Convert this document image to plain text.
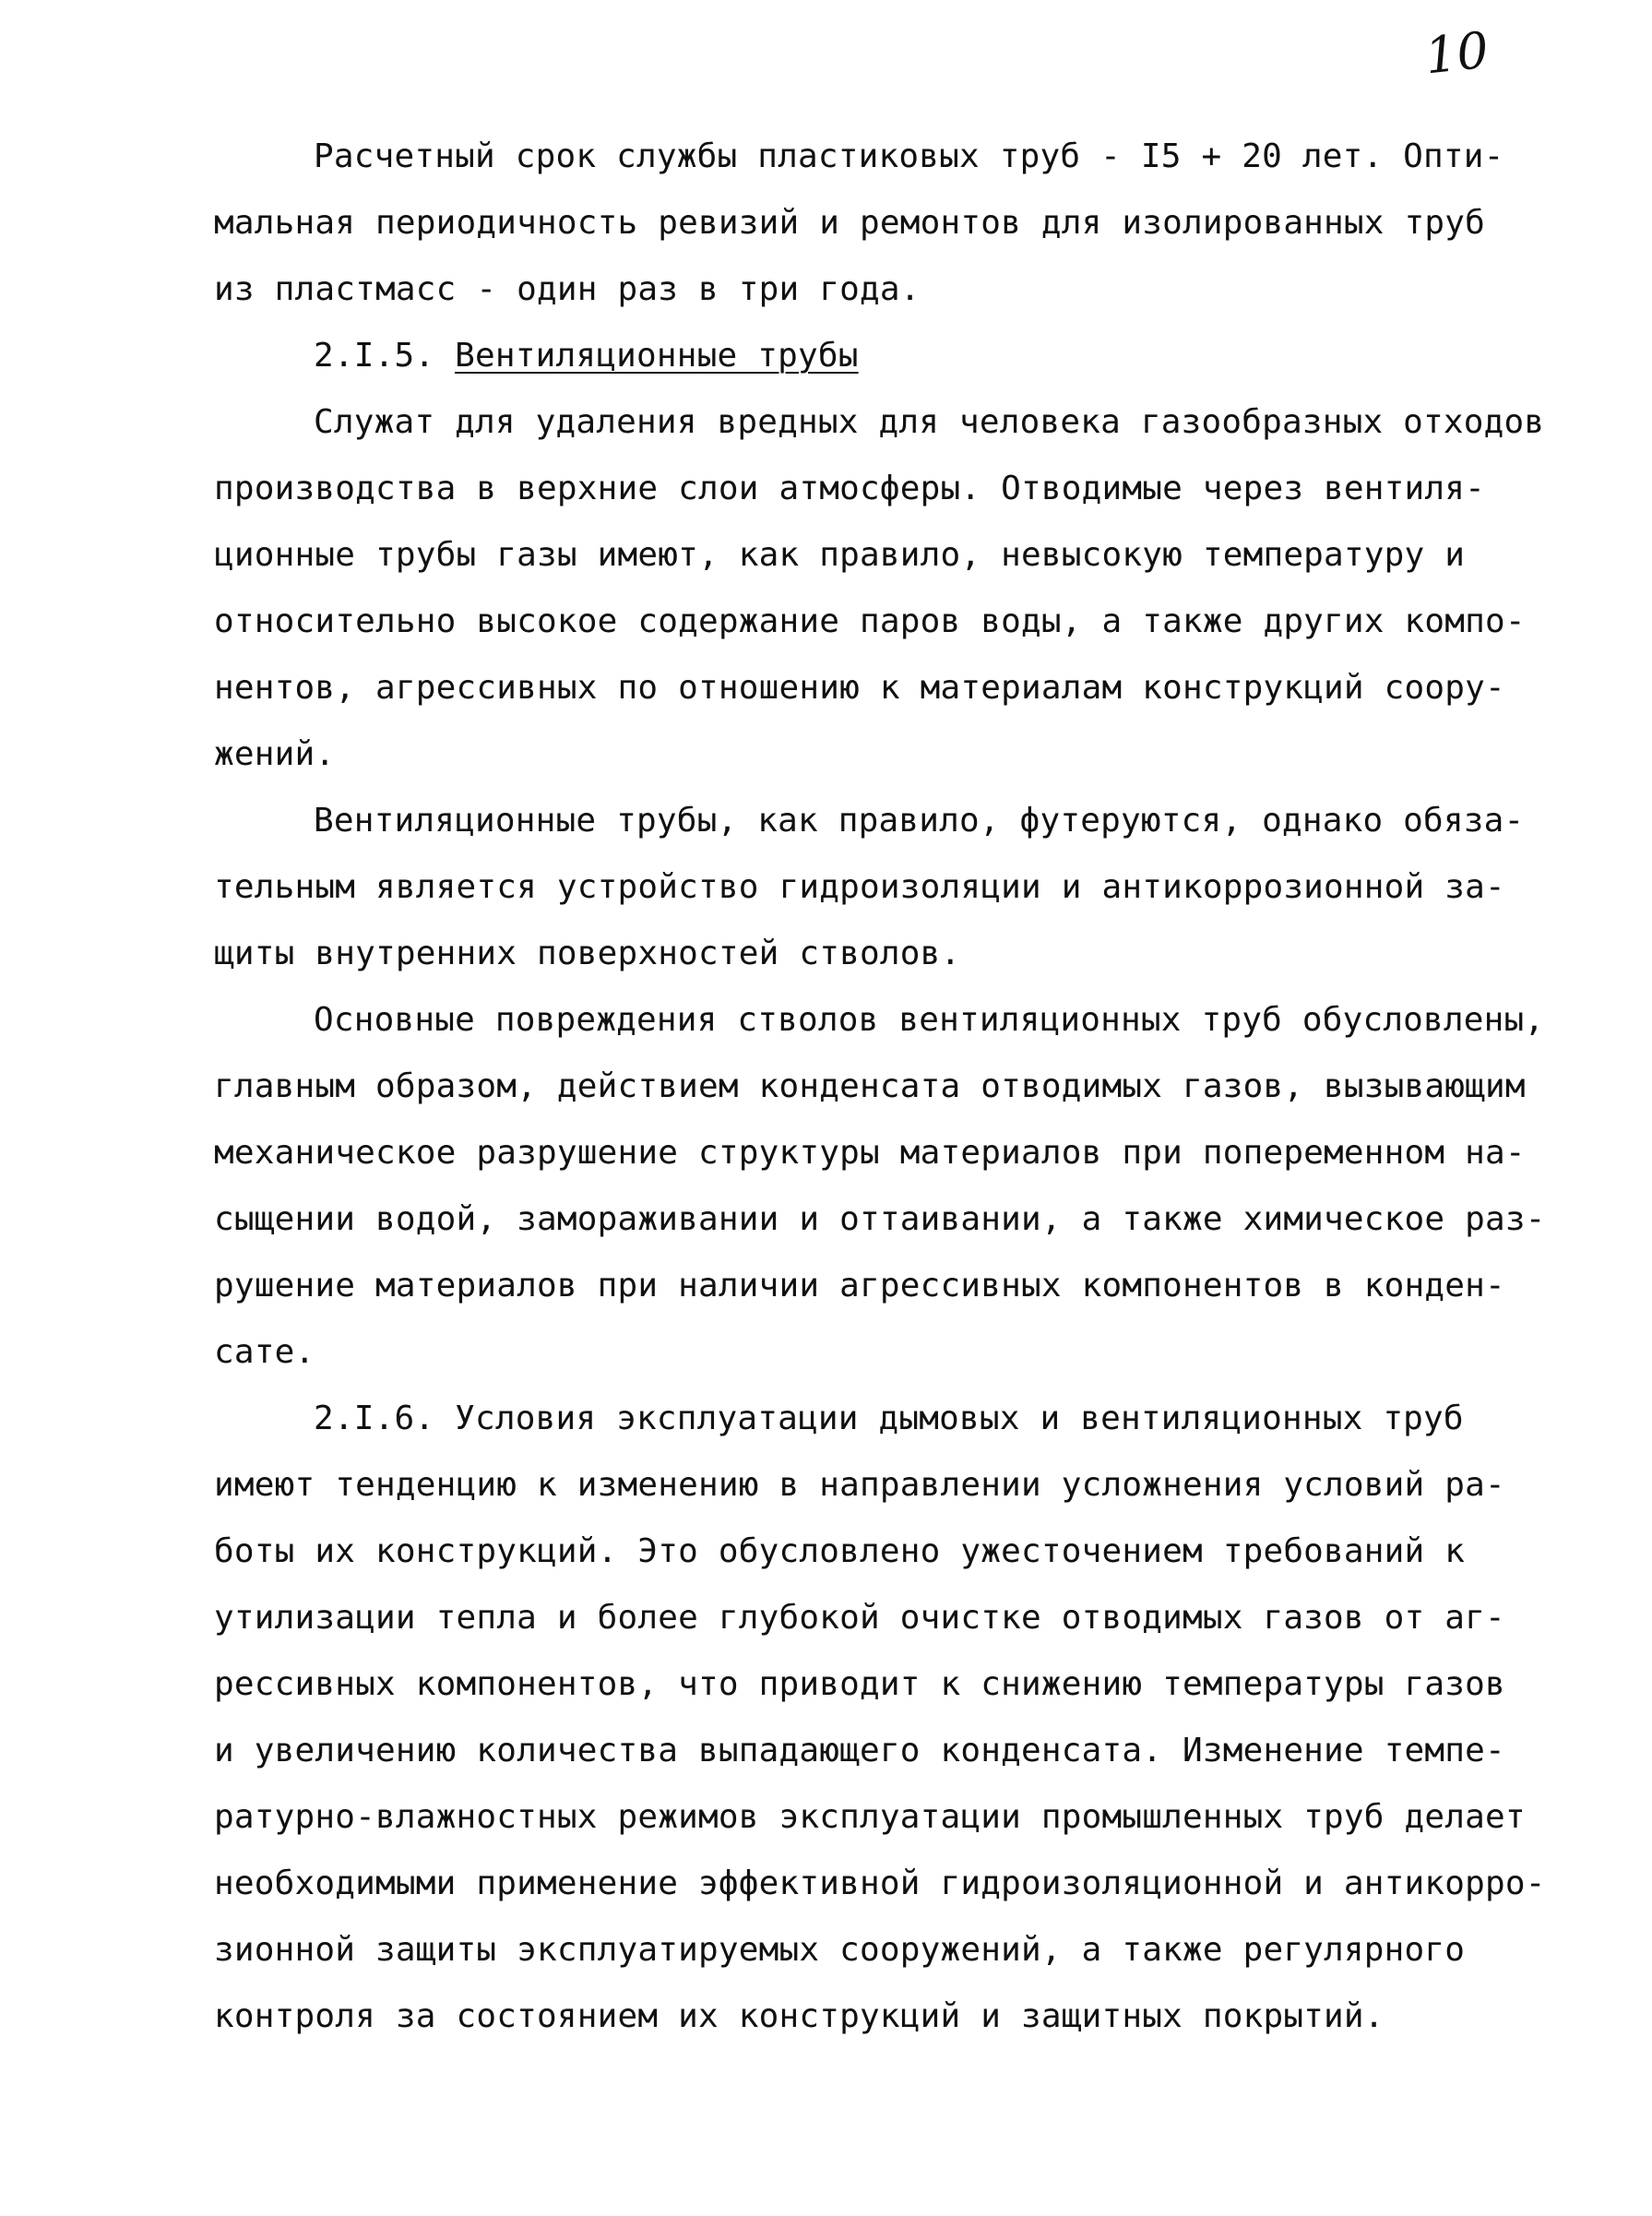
10
Расчетный срок службы пластиковых труб - I5 + 20 лет. Опти-
мальная периодичность ревизий и ремонтов для изолированных труб
из пластмасс - один раз в три года.
2.I.5. Вентиляционные трубы
Служат для удаления вредных для человека газообразных отходов
производства в верхние слои атмосферы. Отводимые через вентиля-
ционные трубы газы имеют, как правило, невысокую температуру и
относительно высокое содержание паров воды, а также других компо-
нентов, агрессивных по отношению к материалам конструкций соору-
жений.
Вентиляционные трубы, как правило, футеруются, однако обяза-
тельным является устройство гидроизоляции и антикоррозионной за-
щиты внутренних поверхностей стволов.
Основные повреждения стволов вентиляционных труб обусловлены,
главным образом, действием конденсата отводимых газов, вызывающим
механическое разрушение структуры материалов при попеременном на-
сыщении водой, замораживании и оттаивании, а также химическое раз-
рушение материалов при наличии агрессивных компонентов в конден-
сате.
2.I.6. Условия эксплуатации дымовых и вентиляционных труб
имеют тенденцию к изменению в направлении усложнения условий ра-
боты их конструкций. Это обусловлено ужесточением требований к
утилизации тепла и более глубокой очистке отводимых газов от аг-
рессивных компонентов, что приводит к снижению температуры газов
и увеличению количества выпадающего конденсата. Изменение темпе-
ратурно-влажностных режимов эксплуатации промышленных труб делает
необходимыми применение эффективной гидроизоляционной и антикорро-
зионной защиты эксплуатируемых сооружений, а также регулярного
контроля за состоянием их конструкций и защитных покрытий.
